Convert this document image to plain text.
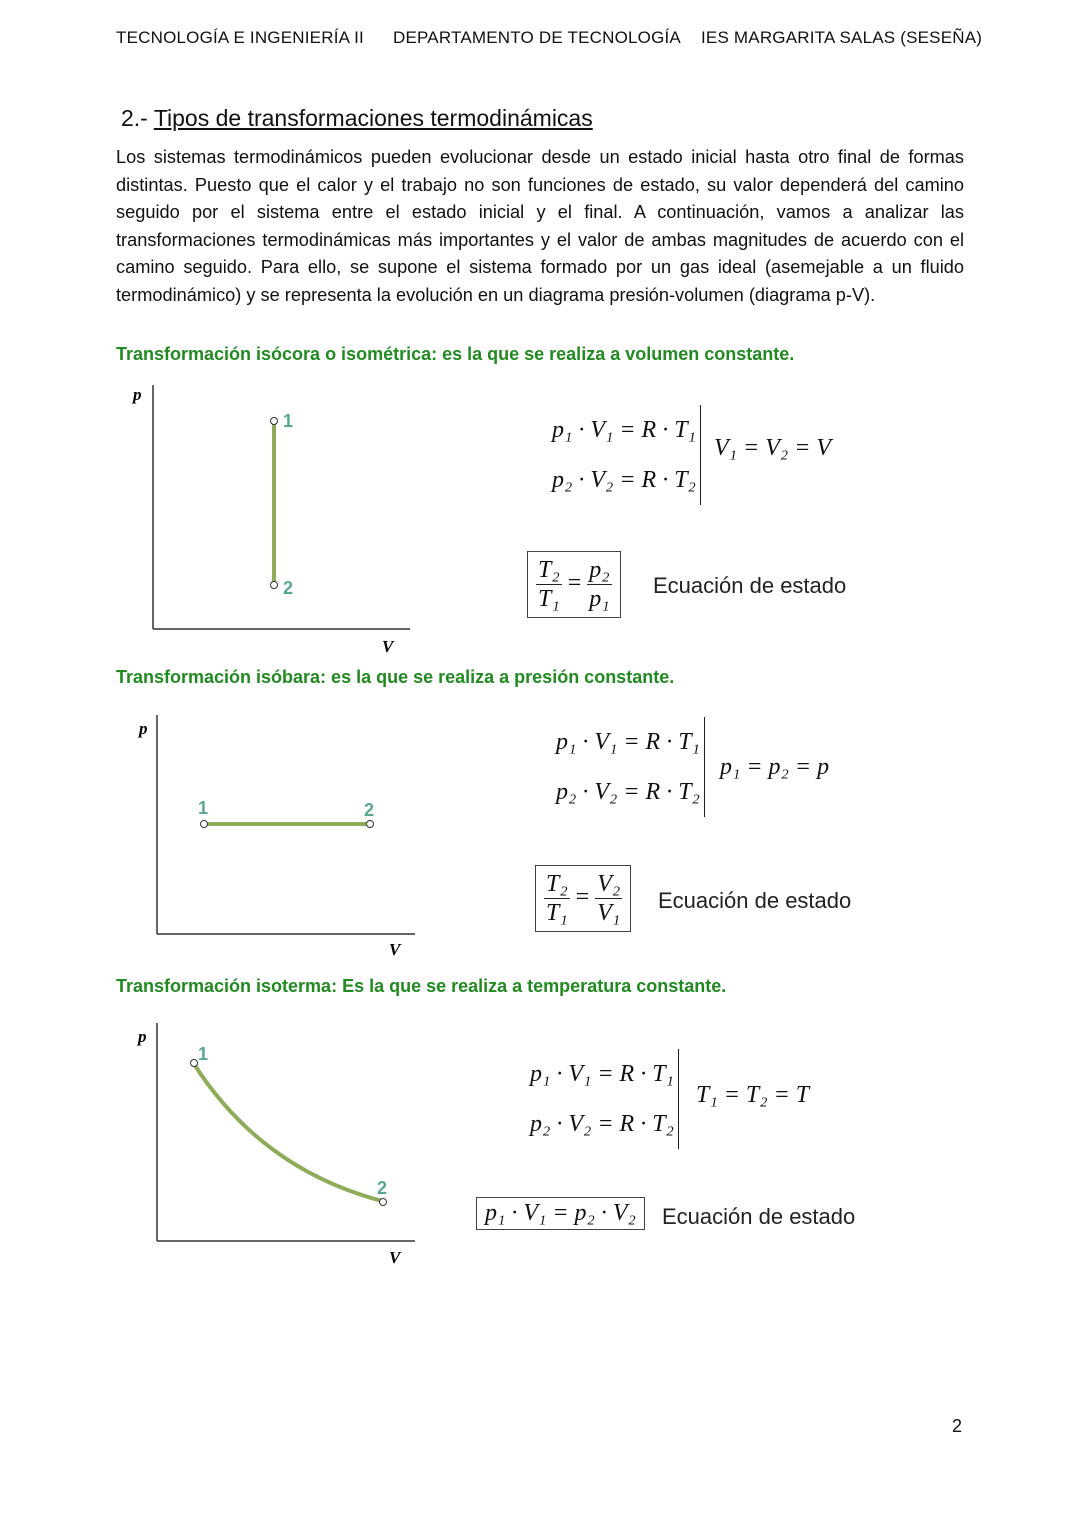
TECNOLOGÍA E INGENIERÍA II DEPARTAMENTO DE TECNOLOGÍA IES MARGARITA SALAS (SESEÑA)
2.- Tipos de transformaciones termodinámicas
Los sistemas termodinámicos pueden evolucionar desde un estado inicial hasta otro final de formas distintas. Puesto que el calor y el trabajo no son funciones de estado, su valor dependerá del camino seguido por el sistema entre el estado inicial y el final. A continuación, vamos a analizar las transformaciones termodinámicas más importantes y el valor de ambas magnitudes de acuerdo con el camino seguido. Para ello, se supone el sistema formado por un gas ideal (asemejable a un fluido termodinámico) y se representa la evolución en un diagrama presión-volumen (diagrama p-V).
Transformación isócora o isométrica: es la que se realiza a volumen constante.
p
V
1
2
p₁ · V₁ = R · T₁
p₂ · V₂ = R · T₂
V₁ = V₂ = V
$\frac{\text{T₂}}{\text{T₁}} = \frac{\text{p₂}}{\text{p₁}}$ Ecuación de estado
Transformación isóbara: es la que se realiza a presión constante.
p
V
1	2
p₁ · V₁ = R · T₁
p₂ · V₂ = R · T₂
p₁ = p₂ = p
$\frac{\text{T₂}}{\text{T₁}} = \frac{\text{V₂}}{\text{V₁}}$ Ecuación de estado
Transformación isoterma: Es la que se realiza a temperatura constante.
p
V
1
2
p₁ · V₁ = R · T₁
p₂ · V₂ = R · T₂
T₁ = T₂ = T
p₁ · V₁ = p₂ · V₂	Ecuación de estado
2
